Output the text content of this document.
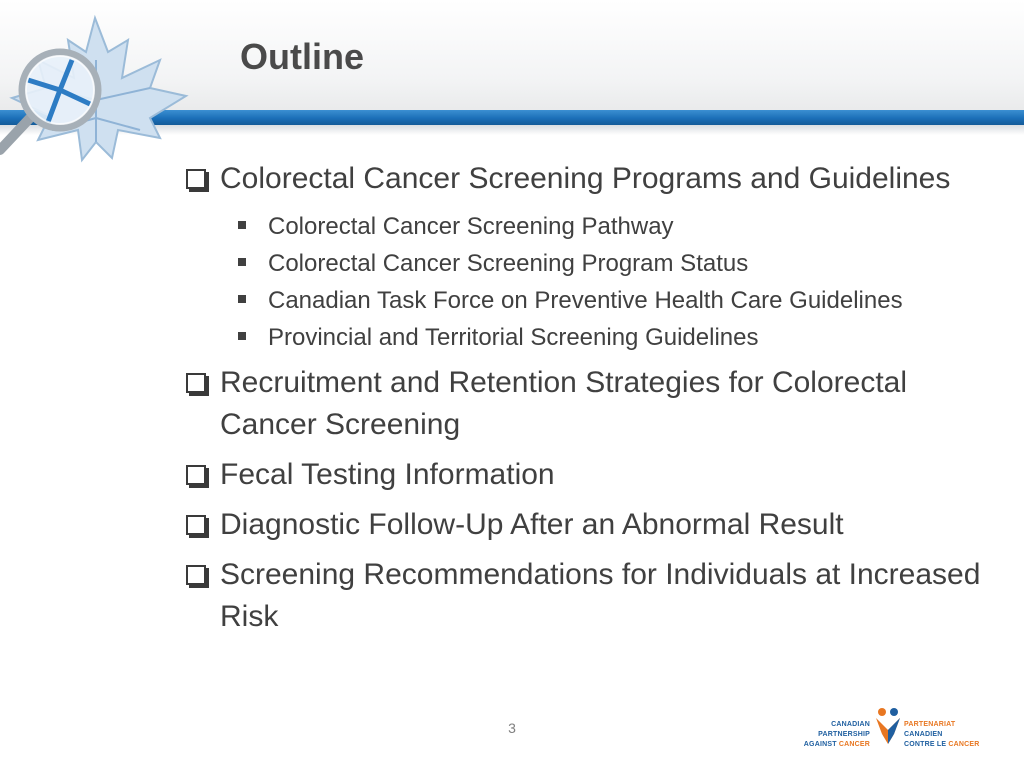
Outline
Colorectal Cancer Screening Programs and Guidelines
Colorectal Cancer Screening Pathway
Colorectal Cancer Screening Program Status
Canadian Task Force on Preventive Health Care Guidelines
Provincial and Territorial Screening Guidelines
Recruitment and Retention Strategies for Colorectal Cancer Screening
Fecal Testing Information
Diagnostic Follow-Up After an Abnormal Result
Screening Recommendations for Individuals at Increased Risk
3	CANADIAN PARTNERSHIP
AGAINST CANCER
PARTENARIAT CANADIEN
CONTRE LE CANCER
